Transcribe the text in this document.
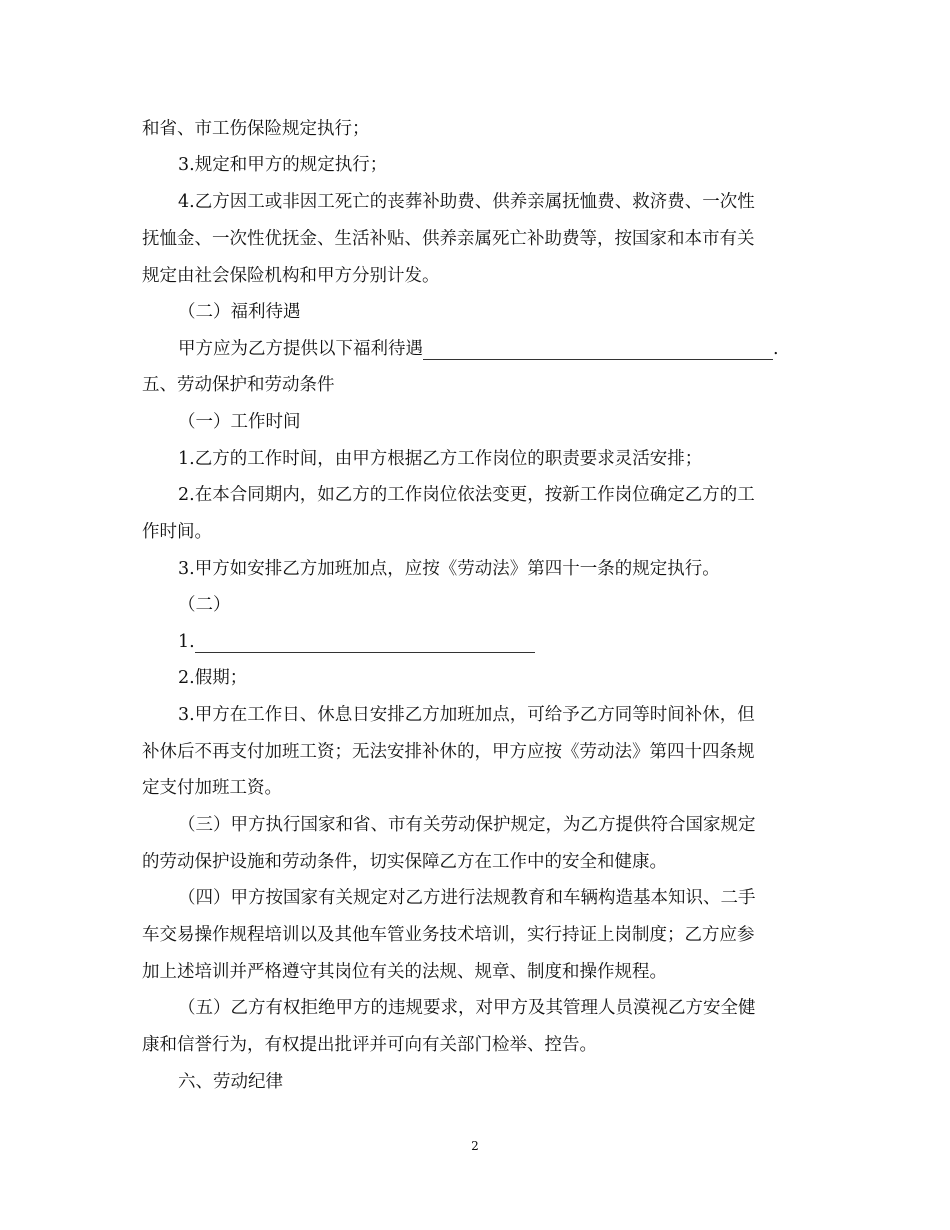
和省、市工伤保险规定执行；
3.规定和甲方的规定执行；
4.乙方因工或非因工死亡的丧葬补助费、供养亲属抚恤费、救济费、一次性
抚恤金、一次性优抚金、生活补贴、供养亲属死亡补助费等，按国家和本市有关
规定由社会保险机构和甲方分别计发。
（二）福利待遇
甲方应为乙方提供以下福利待遇	.
五、劳动保护和劳动条件
（一）工作时间
1.乙方的工作时间，由甲方根据乙方工作岗位的职责要求灵活安排；
2.在本合同期内，如乙方的工作岗位依法变更，按新工作岗位确定乙方的工
作时间。
3.甲方如安排乙方加班加点，应按《劳动法》第四十一条的规定执行。
（二）
1.
2.假期；
3.甲方在工作日、休息日安排乙方加班加点，可给予乙方同等时间补休，但
补休后不再支付加班工资；无法安排补休的，甲方应按《劳动法》第四十四条规
定支付加班工资。
（三）甲方执行国家和省、市有关劳动保护规定，为乙方提供符合国家规定
的劳动保护设施和劳动条件，切实保障乙方在工作中的安全和健康。
（四）甲方按国家有关规定对乙方进行法规教育和车辆构造基本知识、二手
车交易操作规程培训以及其他车管业务技术培训，实行持证上岗制度；乙方应参
加上述培训并严格遵守其岗位有关的法规、规章、制度和操作规程。
（五）乙方有权拒绝甲方的违规要求，对甲方及其管理人员漠视乙方安全健
康和信誉行为，有权提出批评并可向有关部门检举、控告。
六、劳动纪律
2
